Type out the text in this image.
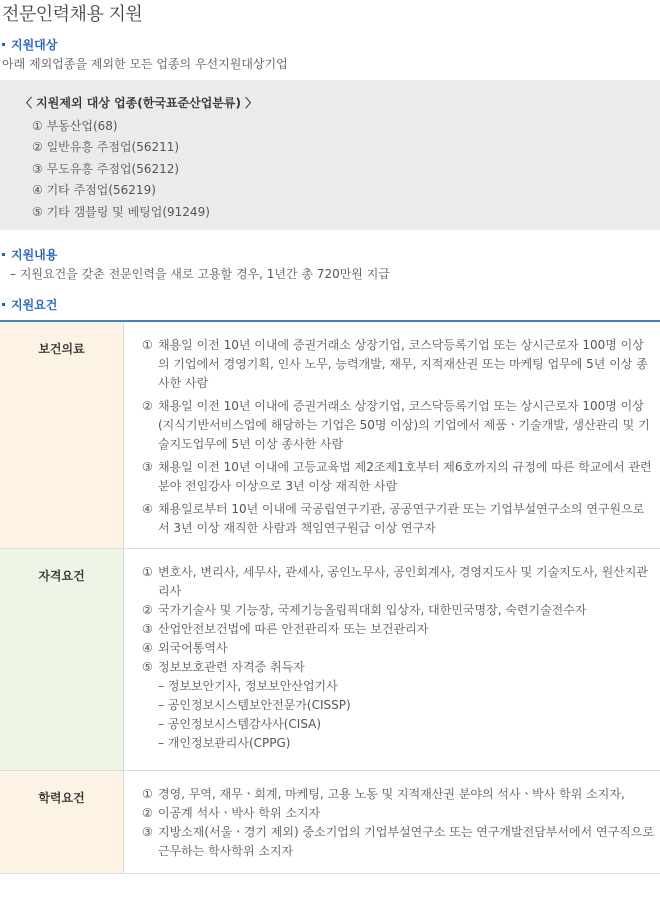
전문인력채용 지원
지원대상
아래 제외업종을 제외한 모든 업종의 우선지원대상기업
〈 지원제외 대상 업종(한국표준산업분류) 〉
① 부동산업(68)
② 일반유흥 주점업(56211)
③ 무도유흥 주점업(56212)
④ 기타 주점업(56219)
⑤ 기타 갬블링 및 베팅업(91249)
지원내용
– 지원요건을 갖춘 전문인력을 새로 고용할 경우, 1년간 총 720만원 지급
지원요건
보건의료	① 채용일 이전 10년 이내에 증권거래소 상장기업, 코스닥등록기업 또는 상시근로자 100명 이상의 기업에서 경영기획, 인사 노무, 능력개발, 재무, 지적재산권 또는 마케팅 업무에 5년 이상 종사한 사람
② 채용일 이전 10년 이내에 증권거래소 상장기업, 코스닥등록기업 또는 상시근로자 100명 이상(지식기반서비스업에 해당하는 기업은 50명 이상)의 기업에서 제품ㆍ기술개발, 생산관리 및 기술지도업무에 5년 이상 종사한 사람
③ 채용일 이전 10년 이내에 고등교육법 제2조제1호부터 제6호까지의 규정에 따른 학교에서 관련분야 전임강사 이상으로 3년 이상 재직한 사람
④ 채용일로부터 10년 이내에 국공립연구기관, 공공연구기관 또는 기업부설연구소의 연구원으로서 3년 이상 재직한 사람과 책임연구원급 이상 연구자
자격요건	① 변호사, 변리사, 세무사, 관세사, 공인노무사, 공인회계사, 경영지도사 및 기술지도사, 원산지관리사
② 국가기술사 및 기능장, 국제기능올림픽대회 입상자, 대한민국명장, 숙련기술전수자
③ 산업안전보건법에 따른 안전관리자 또는 보건관리자
④ 외국어통역사
⑤ 정보보호관련 자격증 취득자
– 정보보안기사, 정보보안산업기사
– 공인정보시스템보안전문가(CISSP)
– 공인정보시스템감사사(CISA)
– 개인정보관리사(CPPG)
학력요건	① 경영, 무역, 재무ㆍ회계, 마케팅, 고용 노동 및 지적재산권 분야의 석사ㆍ박사 학위 소지자,
② 이공계 석사ㆍ박사 학위 소지자
③ 지방소재(서울ㆍ경기 제외) 중소기업의 기업부설연구소 또는 연구개발전담부서에서 연구직으로 근무하는 학사학위 소지자
